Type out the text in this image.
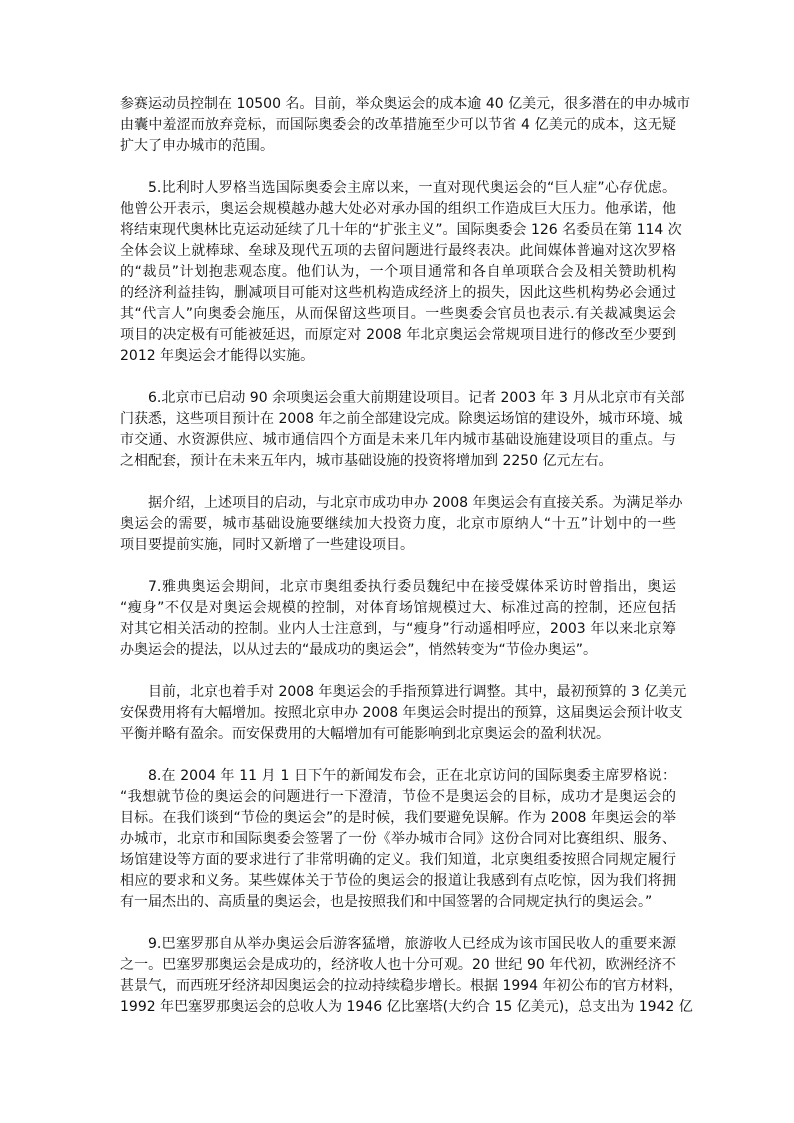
参赛运动员控制在 10500 名。目前，举众奥运会的成本逾 40 亿美元，很多潜在的申办城市
由囊中羞涩而放弃竞标，而国际奥委会的改革措施至少可以节省 4 亿美元的成本，这无疑
扩大了申办城市的范围。
5.比利时人罗格当选国际奥委会主席以来，一直对现代奥运会的“巨人症”心存优虑。
他曾公开表示，奥运会规模越办越大处必对承办国的组织工作造成巨大压力。他承诺，他
将结束现代奥林比克运动延续了几十年的“扩张主义”。国际奥委会 126 名委员在第 114 次
全体会议上就棒球、垒球及现代五项的去留问题进行最终表决。此间媒体普遍对这次罗格
的“裁员”计划抱悲观态度。他们认为，一个项目通常和各自单项联合会及相关赞助机构
的经济利益挂钩，删减项目可能对这些机构造成经济上的损失，因此这些机构势必会通过
其“代言人”向奥委会施压，从而保留这些项目。一些奥委会官员也表示.有关裁减奥运会
项目的决定极有可能被延迟，而原定对 2008 年北京奥运会常规项目进行的修改至少要到
2012 年奥运会才能得以实施。
6.北京市已启动 90 余项奥运会重大前期建设项目。记者 2003 年 3 月从北京市有关部
门获悉，这些项目预计在 2008 年之前全部建设完成。除奥运场馆的建设外，城市环境、城
市交通、水资源供应、城市通信四个方面是未来几年内城市基础设施建设项目的重点。与
之相配套，预计在未来五年内，城市基础设施的投资将增加到 2250 亿元左右。
据介绍，上述项目的启动，与北京市成功申办 2008 年奥运会有直接关系。为满足举办
奥运会的需要，城市基础设施要继续加大投资力度，北京市原纳人“十五”计划中的一些
项目要提前实施，同时又新增了一些建设项目。
7.雅典奥运会期间，北京市奥组委执行委员魏纪中在接受媒体采访时曾指出，奥运
“瘦身”不仅是对奥运会规模的控制，对体育场馆规模过大、标准过高的控制，还应包括
对其它相关活动的控制。业内人士注意到，与“瘦身”行动遥相呼应，2003 年以来北京筹
办奥运会的提法，以从过去的“最成功的奥运会”，悄然转变为“节俭办奥运”。
目前，北京也着手对 2008 年奥运会的手指预算进行调整。其中，最初预算的 3 亿美元
安保费用将有大幅增加。按照北京申办 2008 年奥运会时提出的预算，这届奥运会预计收支
平衡并略有盈余。而安保费用的大幅增加有可能影响到北京奥运会的盈利状况。
8.在 2004 年 11 月 1 日下午的新闻发布会，正在北京访问的国际奥委主席罗格说：
“我想就节俭的奥运会的问题进行一下澄清，节俭不是奥运会的目标，成功才是奥运会的
目标。在我们谈到“节俭的奥运会”的是时候，我们要避免误解。作为 2008 年奥运会的举
办城市，北京市和国际奥委会签署了一份《举办城市合同》这份合同对比赛组织、服务、
场馆建设等方面的要求进行了非常明确的定义。我们知道，北京奥组委按照合同规定履行
相应的要求和义务。某些媒体关于节俭的奥运会的报道让我感到有点吃惊，因为我们将拥
有一届杰出的、高质量的奥运会，也是按照我们和中国签署的合同规定执行的奥运会。”
9.巴塞罗那自从举办奥运会后游客猛增，旅游收人已经成为该市国民收人的重要来源
之一。巴塞罗那奥运会是成功的，经济收人也十分可观。20 世纪 90 年代初，欧洲经济不
甚景气，而西班牙经济却因奥运会的拉动持续稳步增长。根据 1994 年初公布的官方材料，
1992 年巴塞罗那奥运会的总收人为 1946 亿比塞塔(大约合 15 亿美元)，总支出为 1942 亿
